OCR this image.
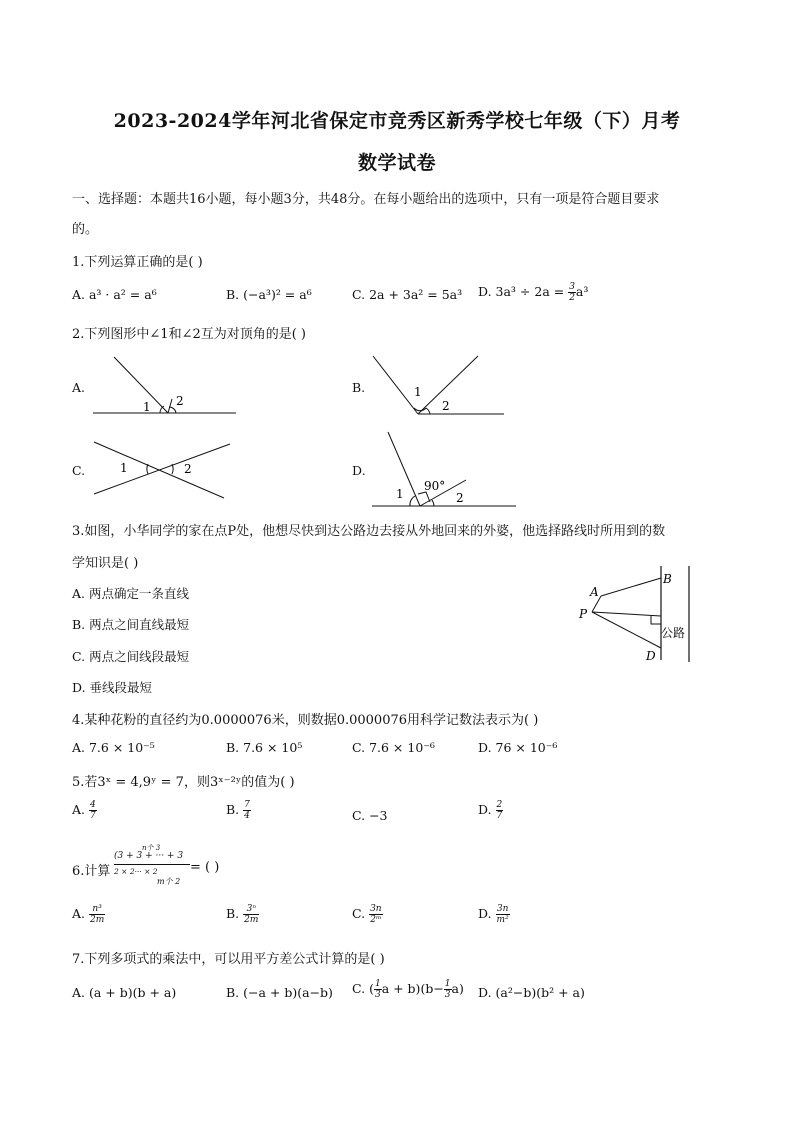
2023-2024学年河北省保定市竞秀区新秀学校七年级（下）月考
数学试卷
一、选择题：本题共16小题，每小题3分，共48分。在每小题给出的选项中，只有一项是符合题目要求
的。
1.下列运算正确的是( )
A. a³ · a² = a⁶	B. (−a³)² = a⁶	C. 2a + 3a² = 5a³ D. $3a^3 \div 2a = \frac{3}{2} a^3$
2.下列图形中∠1和∠2互为对顶角的是( )
A.	B.
C.	D.
1 2
1
2
1	2
1
90°
2
3.如图，小华同学的家在点P处，他想尽快到达公路边去接从外地回来的外婆，他选择路线时所用到的数
学知识是( )
A. 两点确定一条直线
B. 两点之间直线最短
C. 两点之间线段最短
D. 垂线段最短
A
B
P
D
公路
4.某种花粉的直径约为0.0000076米，则数据0.0000076用科学记数法表示为( )
A. 7.6 × 10⁻⁵	B. 7.6 × 10⁵	C. 7.6 × 10⁻⁶	D. 76 × 10⁻⁶
5.若3ˣ = 4,9ʸ = 7，则3ˣ⁻²ʸ的值为( )
A. $\frac{4}{7}$	B. $\frac{7}{4}$	C. −3	D. $\frac{2}{7}$
6.计算
n个 3
(3 + 3 + ··· + 3
2 × 2··· × 2
m个 2
= ( )
A. $\frac{\text{n³}}{2m}$	B. $\frac{\text{3ⁿ}}{2m}$	C. $\frac{3n}{\text{2ᵐ}}$	D. $\frac{3n}{\text{m²}}$
7.下列多项式的乘法中，可以用平方差公式计算的是( )
A. (a + b)(b + a)	B. (−a + b)(a−b) C. ( $\frac{1}{3}$ $a + b)(b- \frac{1}{3} a)$ D. (a²−b)(b² + a)
